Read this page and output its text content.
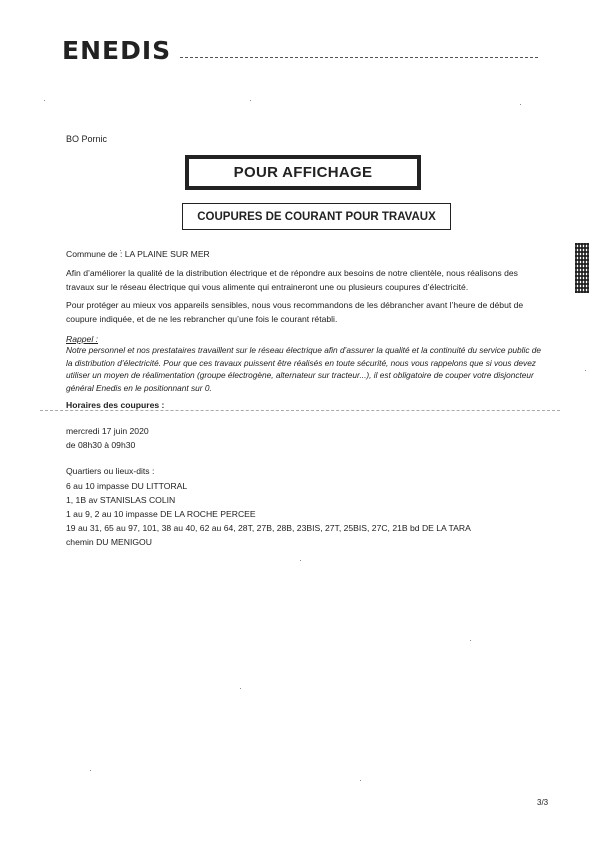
ENEDIS
BO Pornic
POUR AFFICHAGE
COUPURES DE COURANT POUR TRAVAUX
Commune de : LA PLAINE SUR MER
Afin d’améliorer la qualité de la distribution électrique et de répondre aux besoins de notre clientèle, nous réalisons des travaux sur le réseau électrique qui vous alimente qui entraineront une ou plusieurs coupures d’électricité.
Pour protéger au mieux vos appareils sensibles, nous vous recommandons de les débrancher avant l’heure de début de coupure indiquée, et de ne les rebrancher qu’une fois le courant rétabli.
Rappel :
Notre personnel et nos prestataires travaillent sur le réseau électrique afin d’assurer la qualité et la continuité du service public de la distribution d’électricité. Pour que ces travaux puissent être réalisés en toute sécurité, nous vous rappelons que si vous devez utiliser un moyen de réalimentation (groupe électrogène, alternateur sur tracteur...), il est obligatoire de couper votre disjoncteur général Enedis en le positionnant sur 0.
Horaires des coupures :
mercredi 17 juin 2020
de 08h30 à 09h30
Quartiers ou lieux-dits :
6 au 10 impasse DU LITTORAL
1, 1B av STANISLAS COLIN
1 au 9, 2 au 10 impasse DE LA ROCHE PERCEE
19 au 31, 65 au 97, 101, 38 au 40, 62 au 64, 28T, 27B, 28B, 23BIS, 27T, 25BIS, 27C, 21B bd DE LA TARA
chemin DU MENIGOU
3/3
